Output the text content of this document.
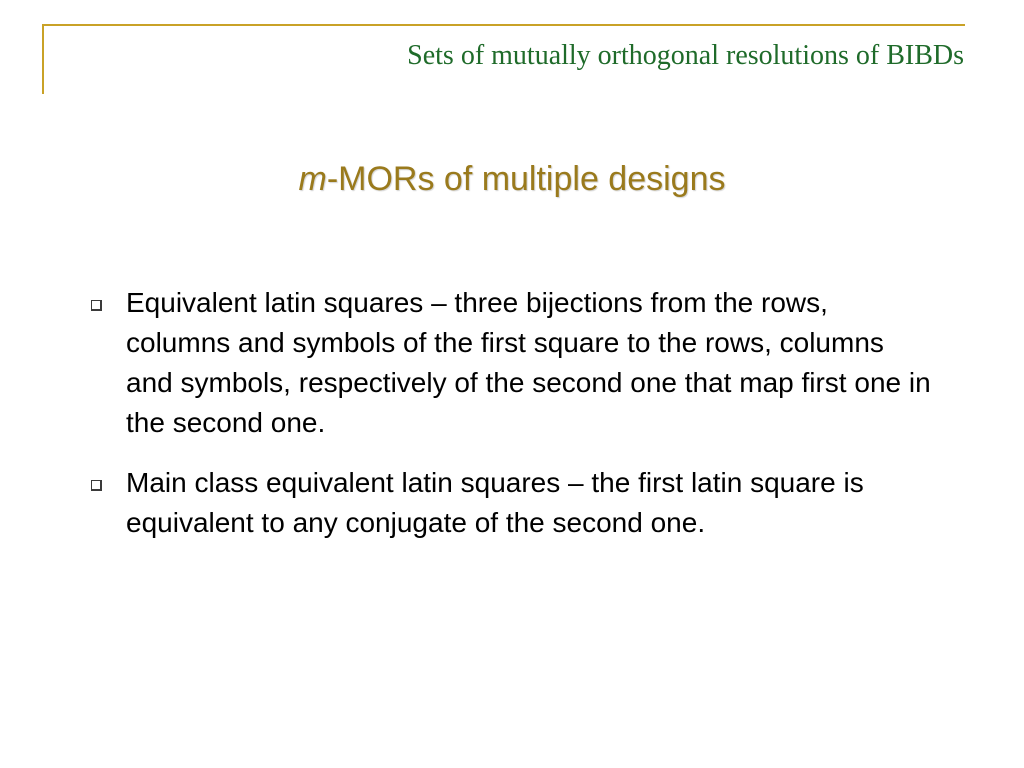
Sets of mutually orthogonal resolutions of BIBDs
m-MORs of multiple designs
Equivalent latin squares – three bijections from the rows, columns and symbols of the first square to the rows, columns and symbols, respectively of the second one that map first one in the second one.
Main class equivalent latin squares – the first latin square is equivalent to any conjugate of the second one.
